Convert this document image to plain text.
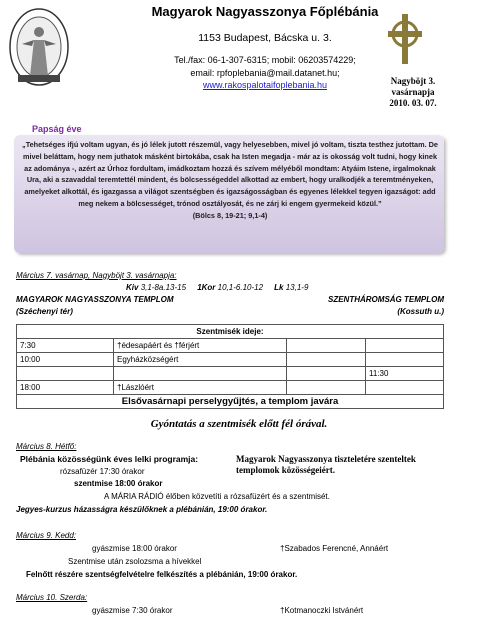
Magyarok Nagyasszonya Főplébánia
1153 Budapest, Bácska u. 3.
Tel./fax: 06-1-307-6315; mobil: 06203574229;
email: rpfoplebania@mail.datanet.hu;
www.rakospalotaifoplebania.hu	Nagyböjt 3.
vasárnapja
2010. 03. 07.
Papság éve
„Tehetséges ifjú voltam ugyan, és jó lélek jutott részemül, vagy helyesebben, mivel jó voltam, tiszta testhez jutottam. De mivel beláttam, hogy nem juthatok másként birtokába, csak ha Isten megadja - már az is okosság volt tudni, hogy kinek az adománya -, azért az Úrhoz fordultam, imádkoztam hozzá és szívem mélyéből mondtam: Atyáim Istene, irgalmoknak Ura, aki a szavaddal teremtettél mindent, és bölcsességeddel alkottad az embert, hogy uralkodjék a teremtményeken, amelyeket alkottál, és igazgassa a világot szentségben és igazságosságban és egyenes lélekkel tegyen igazságot: add meg nekem a bölcsességet, trónod osztályosát, és ne zárj ki engem gyermekeid közül.”
(Bölcs 8, 19-21; 9,1-4)
Március 7. vasárnap, Nagyböjt 3. vasárnapja:
Kiv 3,1-8a.13-15 1Kor 10,1-6.10-12 Lk 13,1-9
MAGYAROK NAGYASSZONYA TEMPLOM	SZENTHÁROMSÁG TEMPLOM
(Széchenyi tér)	(Kossuth u.)
Szentmisék ideje:			
7:30	†édesapáért és †férjért		
10:00	Egyházközségért		
			11:30
18:00	†Lászlóért		
Elsővasárnapi perselygyűjtés, a templom javára			
Gyóntatás a szentmisék előtt fél órával.
Március 8. Hétfő:
Plébánia közösségünk éves lelki programja:
rózsafüzér 17:30 órakor
szentmise 18:00 órakor
Magyarok Nagyasszonya tiszteletére szenteltek templomok közösségeiért.
A MÁRIA RÁDIÓ élőben közvetíti a rózsafüzért és a szentmisét.
Jegyes-kurzus házasságra készülőknek a plébánián, 19:00 órakor.
Március 9. Kedd:
gyászmise 18:00 órakor	†Szabados Ferencné, Annáért
Szentmise után zsolozsma a hívekkel
Felnőtt részére szentségfelvételre felkészítés a plébánián, 19:00 órakor.
Március 10. Szerda:
gyászmise 7:30 órakor	†Kotmanoczki Istvánért
